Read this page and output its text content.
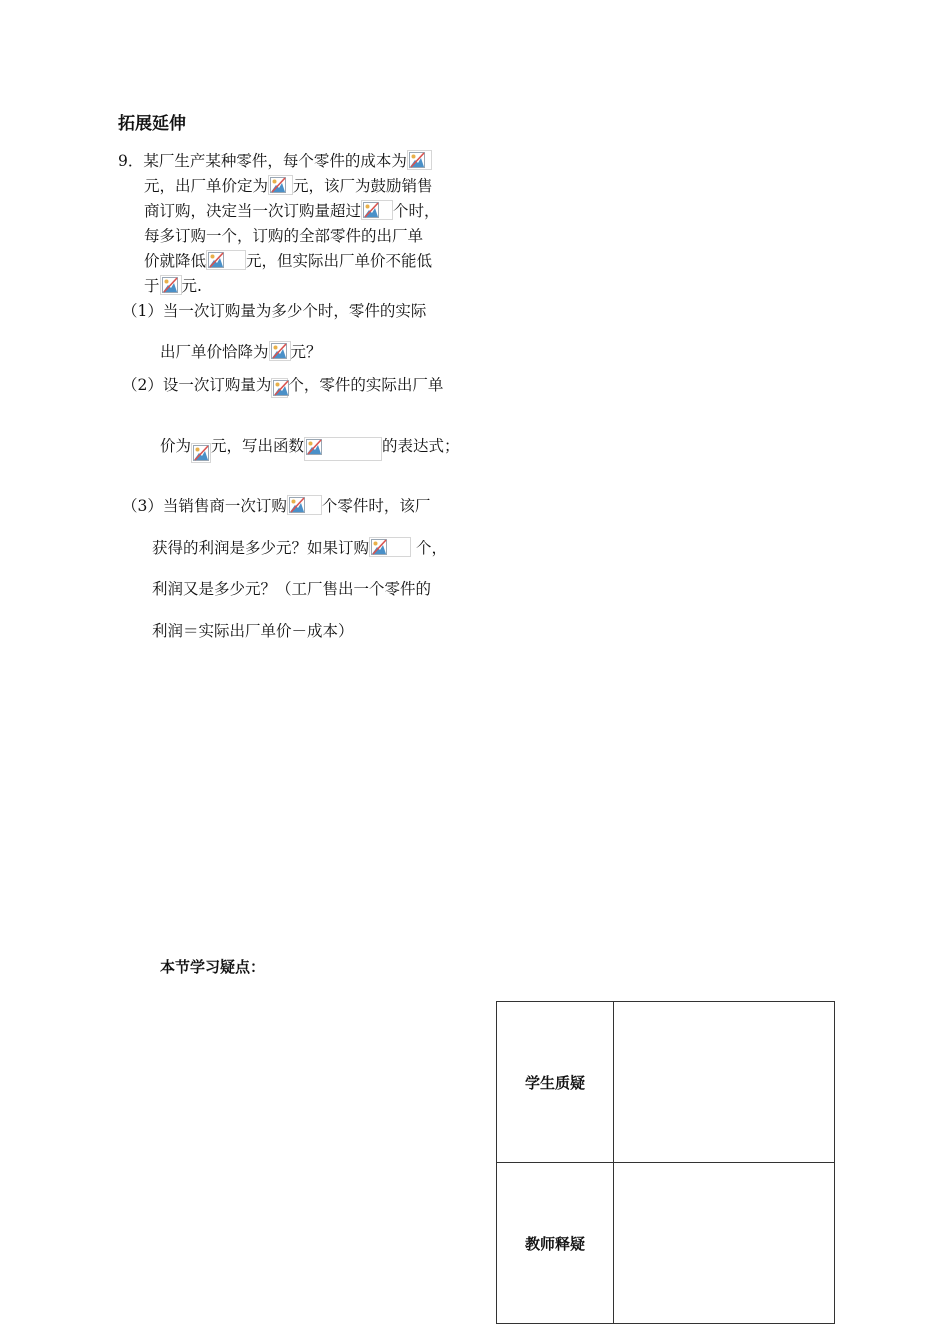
拓展延伸
9．某厂生产某种零件，每个零件的成本为
元，出厂单价定为 元，该厂为鼓励销售
商订购，决定当一次订购量超过 个时，
每多订购一个，订购的全部零件的出厂单
价就降低	元，但实际出厂单价不能低
于 元.
（1）当一次订购量为多少个时，零件的实际
出厂单价恰降为 元？
（2）设一次订购量为 个，零件的实际出厂单
价为 元，写出函数	的表达式；
（3）当销售商一次订购 个零件时，该厂
获得的利润是多少元？如果订购	个，
利润又是多少元？（工厂售出一个零件的
利润＝实际出厂单价－成本）
本节学习疑点：
学生质疑	
教师释疑	
